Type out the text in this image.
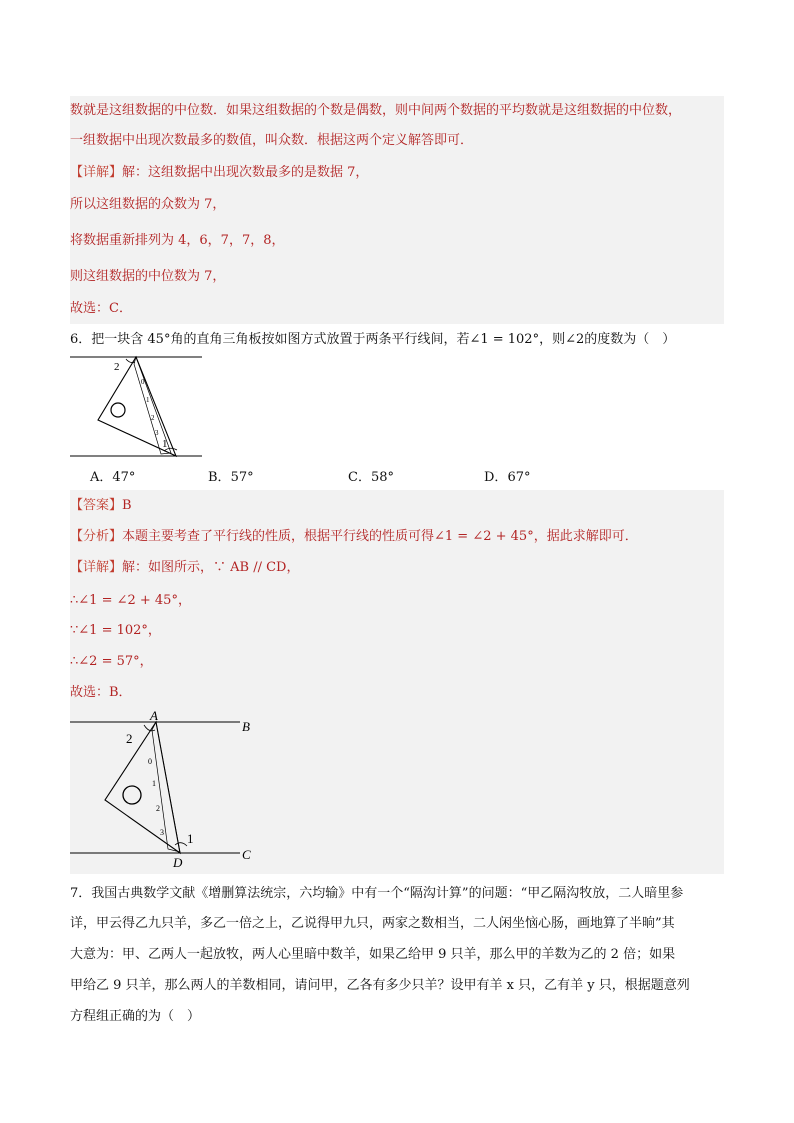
数就是这组数据的中位数．如果这组数据的个数是偶数，则中间两个数据的平均数就是这组数据的中位数，
一组数据中出现次数最多的数值，叫众数．根据这两个定义解答即可．
【详解】解：这组数据中出现次数最多的是数据 7，
所以这组数据的众数为 7，
将数据重新排列为 4，6，7，7，8，
则这组数据的中位数为 7，
故选：C．
6．把一块含 45°角的直角三角板按如图方式放置于两条平行线间，若∠1 = 102°，则∠2的度数为（　）
2
1
0
1
2
3
A．47°	B．57°	C．58°	D．67°
【答案】B
【分析】本题主要考查了平行线的性质，根据平行线的性质可得∠1 = ∠2 + 45°，据此求解即可．
【详解】解：如图所示，∵ AB // CD，
∴∠1 = ∠2 + 45°，
∵∠1 = 102°，
∴∠2 = 57°，
故选：B．
A
B
C
D
2
1
0
1
2
3
7．我国古典数学文献《增删算法统宗，六均输》中有一个“隔沟计算”的问题：“甲乙隔沟牧放，二人暗里参
详，甲云得乙九只羊，多乙一倍之上，乙说得甲九只，两家之数相当，二人闲坐恼心肠，画地算了半晌”其
大意为：甲、乙两人一起放牧，两人心里暗中数羊，如果乙给甲 9 只羊，那么甲的羊数为乙的 2 倍；如果
甲给乙 9 只羊，那么两人的羊数相同，请问甲，乙各有多少只羊？设甲有羊 x 只，乙有羊 y 只，根据题意列
方程组正确的为（　）
